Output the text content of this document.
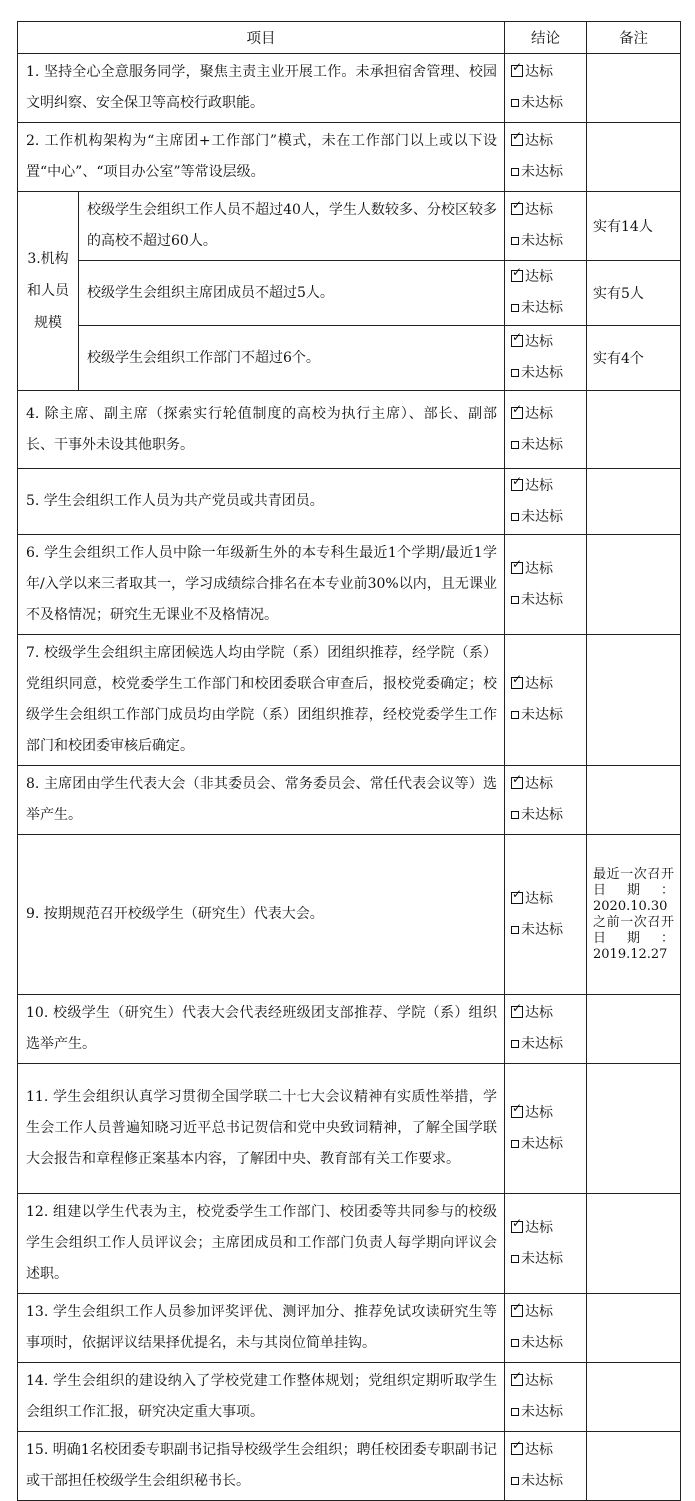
项目		结论	备注
1. 坚持全心全意服务同学，聚焦主责主业开展工作。未承担宿舍管理、校园文明纠察、安全保卫等高校行政职能。		✓ 达标
未达标	

2. 工作机构架构为“主席团+工作部门”模式，未在工作部门以上或以下设置“中心”、“项目办公室”等常设层级。		✓ 达标
未达标	

3.机构和人员规模	校级学生会组织工作人员不超过40人，学生人数较多、分校区较多的高校不超过60人。	✓ 达标
未达标	实有14人
	校级学生会组织主席团成员不超过5人。	✓ 达标
未达标	实有5人
	校级学生会组织工作部门不超过6个。	✓ 达标
未达标	实有4个
4. 除主席、副主席（探索实行轮值制度的高校为执行主席）、部长、副部长、干事外未设其他职务。		✓ 达标
未达标	

5. 学生会组织工作人员为共产党员或共青团员。		✓ 达标
未达标	

6. 学生会组织工作人员中除一年级新生外的本专科生最近1个学期/最近1学年/入学以来三者取其一，学习成绩综合排名在本专业前30%以内，且无课业不及格情况；研究生无课业不及格情况。		✓ 达标
未达标	

7. 校级学生会组织主席团候选人均由学院（系）团组织推荐，经学院（系）党组织同意，校党委学生工作部门和校团委联合审查后，报校党委确定；校级学生会组织工作部门成员均由学院（系）团组织推荐，经校党委学生工作部门和校团委审核后确定。		✓ 达标
未达标	

8. 主席团由学生代表大会（非其委员会、常务委员会、常任代表会议等）选举产生。		✓ 达标
未达标	

9. 按期规范召开校级学生（研究生）代表大会。		✓ 达标
未达标	最近一次召开日期：2020.10.30之前一次召开日期：2019.12.27
10. 校级学生（研究生）代表大会代表经班级团支部推荐、学院（系）组织选举产生。		✓ 达标
未达标	

11. 学生会组织认真学习贯彻全国学联二十七大会议精神有实质性举措，学生会工作人员普遍知晓习近平总书记贺信和党中央致词精神，了解全国学联大会报告和章程修正案基本内容，了解团中央、教育部有关工作要求。		✓ 达标
未达标	

12. 组建以学生代表为主，校党委学生工作部门、校团委等共同参与的校级学生会组织工作人员评议会；主席团成员和工作部门负责人每学期向评议会述职。		✓ 达标
未达标	

13. 学生会组织工作人员参加评奖评优、测评加分、推荐免试攻读研究生等事项时，依据评议结果择优提名，未与其岗位简单挂钩。		✓ 达标
未达标	

14. 学生会组织的建设纳入了学校党建工作整体规划；党组织定期听取学生会组织工作汇报，研究决定重大事项。		✓ 达标
未达标	

15. 明确1名校团委专职副书记指导校级学生会组织；聘任校团委专职副书记或干部担任校级学生会组织秘书长。		✓ 达标
未达标	
